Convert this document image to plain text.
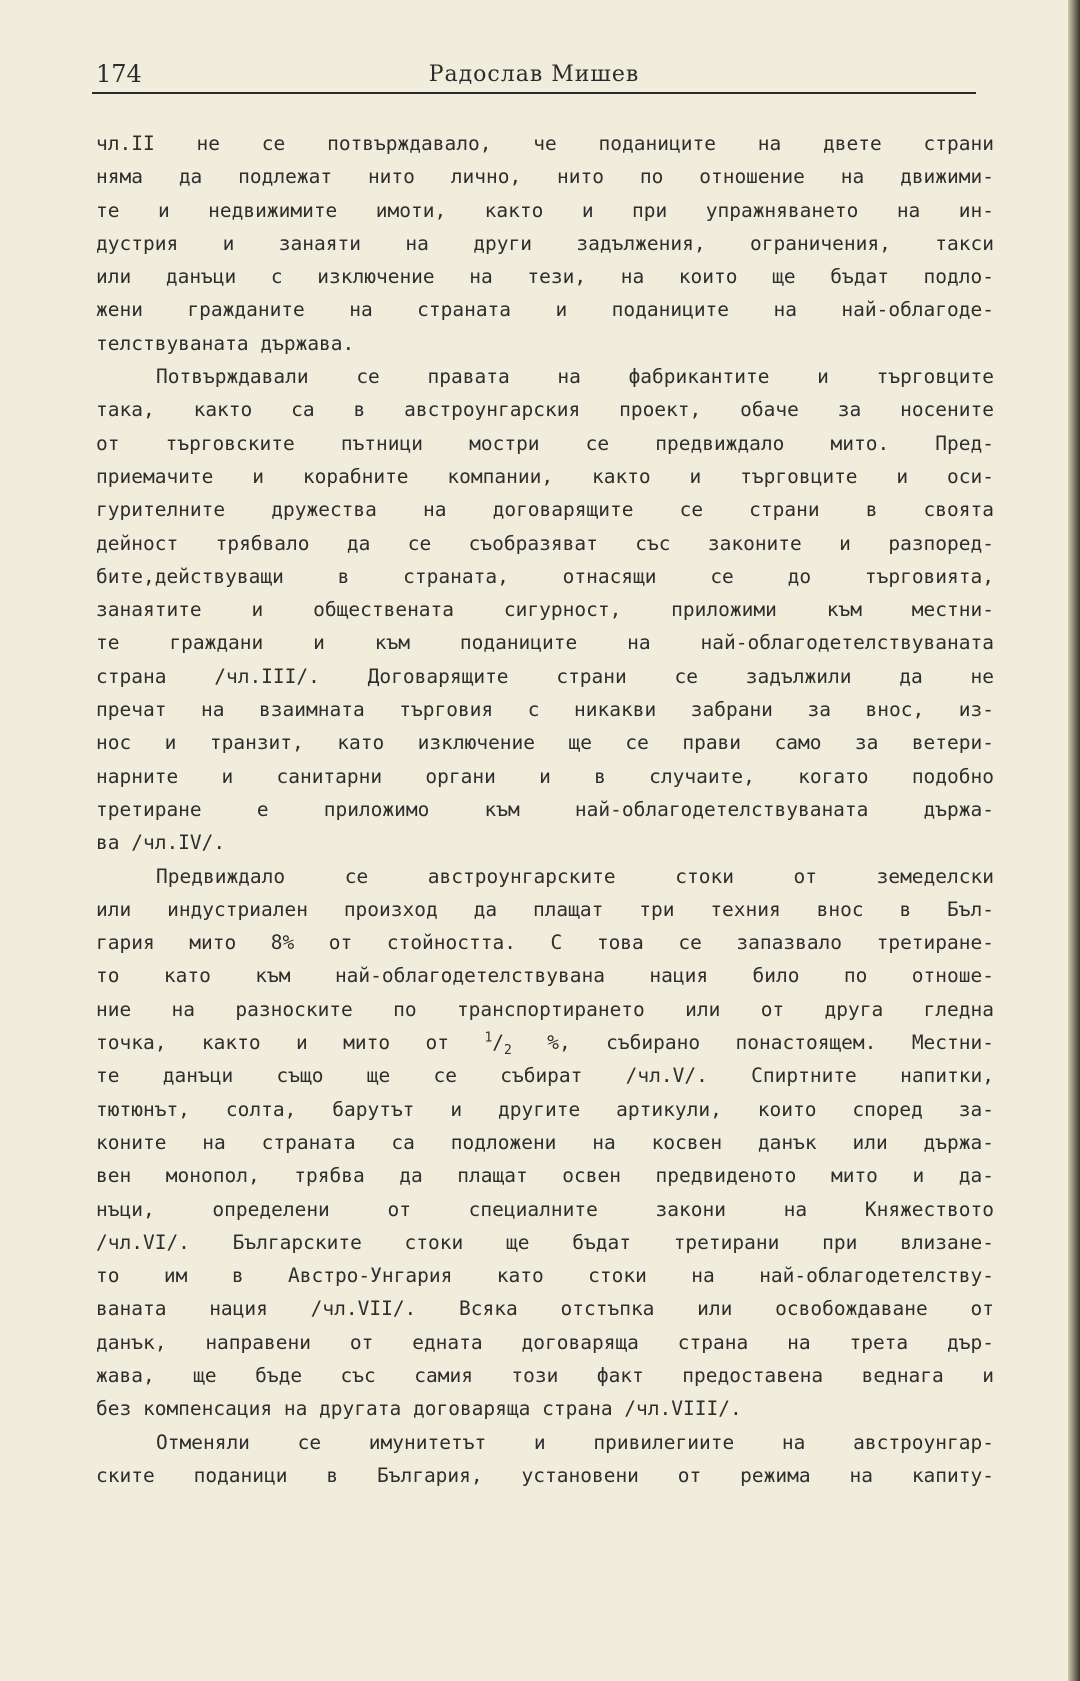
174	Радослав Мишев

чл.II не се потвърждавало, че поданиците на двете страни
няма да подлежат нито лично, нито по отношение на движими-
те и недвижимите имоти, както и при упражняването на ин-
дустрия и занаяти на други задължения, ограничения, такси
или данъци с изключение на тези, на които ще бъдат подло-
жени гражданите на страната и поданиците на най-облагоде-
телствуваната държава.

Потвърждавали се правата на фабрикантите и търговците
така, както са в австроунгарския проект, обаче за носените
от търговските пътници мостри се предвиждало мито. Пред-
приемачите и корабните компании, както и търговците и оси-
гурителните дружества на договарящите се страни в своята
дейност трябвало да се съобразяват със законите и разпоред-
бите,действуващи в страната, отнасящи се до търговията,
занаятите и обществената сигурност, приложими към местни-
те граждани и към поданиците на най-облагодетелствуваната
страна /чл.III/. Договарящите страни се задължили да не
пречат на взаимната търговия с никакви забрани за внос, из-
нос и транзит, като изключение ще се прави само за ветери-
нарните и санитарни органи и в случаите, когато подобно
третиране е приложимо към най-облагодетелствуваната държа-
ва /чл.IV/.

Предвиждало се австроунгарските стоки от земеделски
или индустриален произход да плащат три техния внос в Бъл-
гария мито 8% от стойността. С това се запазвало третиране-
то като към най-облагодетелствувана нация било по отноше-
ние на разноските по транспортирането или от друга гледна
точка, както и мито от $^1/_2$ %, събирано понастоящем. Местни-
те данъци също ще се събират /чл.V/. Спиртните напитки,
тютюнът, солта, барутът и другите артикули, които според за-
коните на страната са подложени на косвен данък или държа-
вен монопол, трябва да плащат освен предвиденото мито и да-
нъци, определени от специалните закони на Княжеството
/чл.VI/. Българските стоки ще бъдат третирани при влизане-
то им в Австро-Унгария като стоки на най-облагодетелству-
ваната нация /чл.VII/. Всяка отстъпка или освобождаване от
данък, направени от едната договаряща страна на трета дър-
жава, ще бъде със самия този факт предоставена веднага и
без компенсация на другата договаряща страна /чл.VIII/.

Отменяли се имунитетът и привилегиите на австроунгар-
ските поданици в България, установени от режима на капиту-
